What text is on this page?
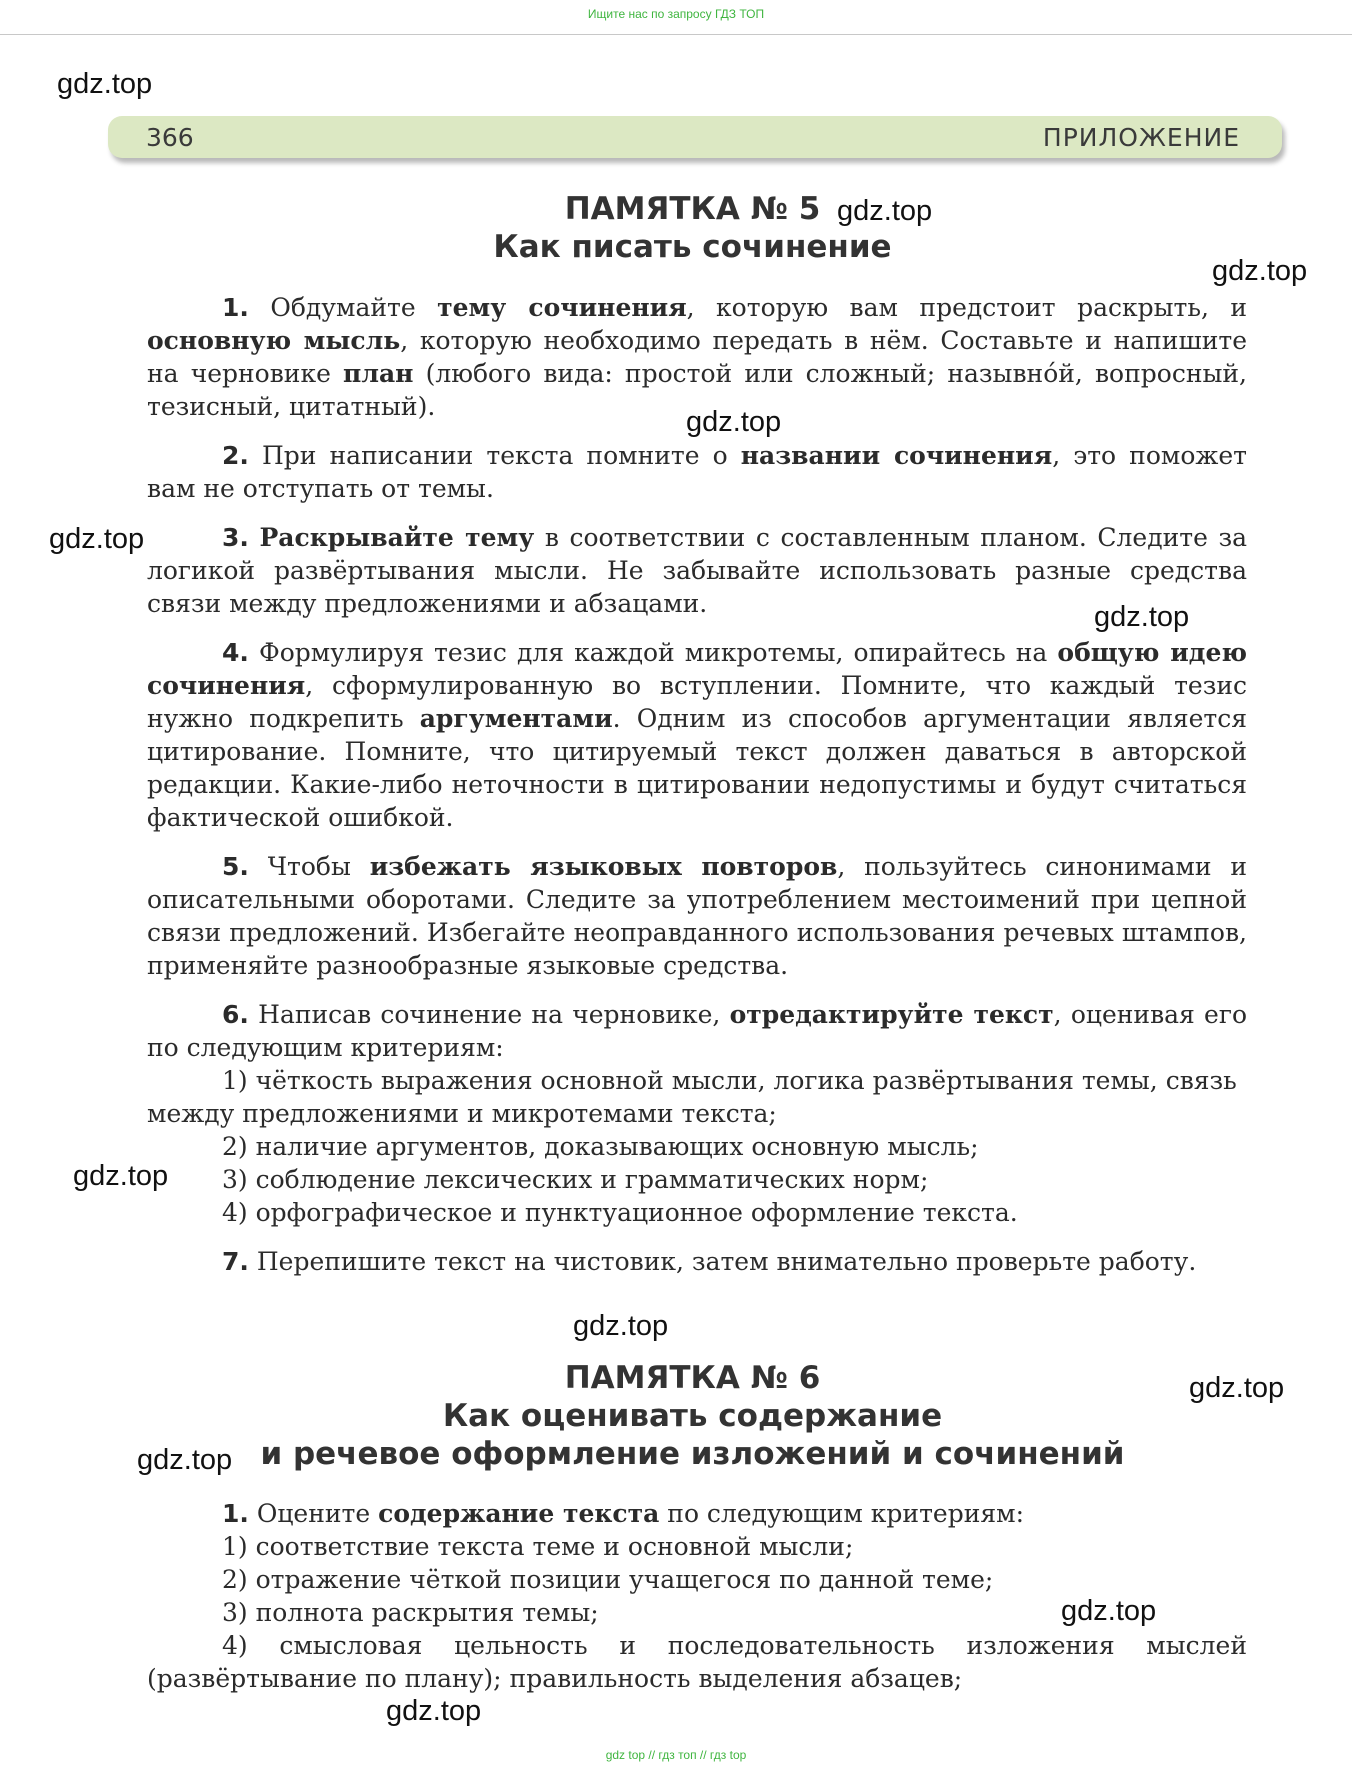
Ищите нас по запросу ГДЗ ТОП
gdz.top
366	ПРИЛОЖЕНИЕ
ПАМЯТКА № 5
Как писать сочинение
gdz.top
gdz.top

1. Обдумайте тему сочинения, которую вам предстоит раскрыть, и основную мысль, которую необходимо передать в нём. Составьте и напишите на черновике план (любого вида: простой или сложный; назывно́й, вопросный, тезисный, цитатный).

2. При написании текста помните о названии сочинения, это поможет вам не отступать от темы.

3. Раскрывайте тему в соответствии с составленным планом. Следите за логикой развёртывания мысли. Не забывайте использовать разные средства связи между предложениями и абзацами.

4. Формулируя тезис для каждой микротемы, опирайтесь на общую идею сочинения, сформулированную во вступлении. Помните, что каждый тезис нужно подкрепить аргументами. Одним из способов аргументации является цитирование. Помните, что цитируемый текст должен даваться в авторской редакции. Какие-либо неточности в цитировании недопустимы и будут считаться фактической ошибкой.

5. Чтобы избежать языковых повторов, пользуйтесь синонимами и описательными оборотами. Следите за употреблением местоимений при цепной связи предложений. Избегайте неоправданного использования речевых штампов, применяйте разнообразные языковые средства.

6. Написав сочинение на черновике, отредактируйте текст, оценивая его по следующим критериям:

1) чёткость выражения основной мысли, логика развёртывания темы, связь между предложениями и микротемами текста;
2) наличие аргументов, доказывающих основную мысль;
3) соблюдение лексических и грамматических норм;
4) орфографическое и пунктуационное оформление текста.

7. Перепишите текст на чистовик, затем внимательно проверьте работу.

gdz.top
gdz.top
gdz.top
gdz.top
gdz.top
ПАМЯТКА № 6
Как оценивать содержание
и речевое оформление изложений и сочинений
gdz.top
gdz.top

1. Оцените содержание текста по следующим критериям:

1) соответствие текста теме и основной мысли;
2) отражение чёткой позиции учащегося по данной теме;
3) полнота раскрытия темы;

4) смысловая цельность и последовательность изложения мыслей (развёртывание по плану); правильность выделения абзацев;

gdz.top
gdz.top
gdz top // гдз топ // гдз top
